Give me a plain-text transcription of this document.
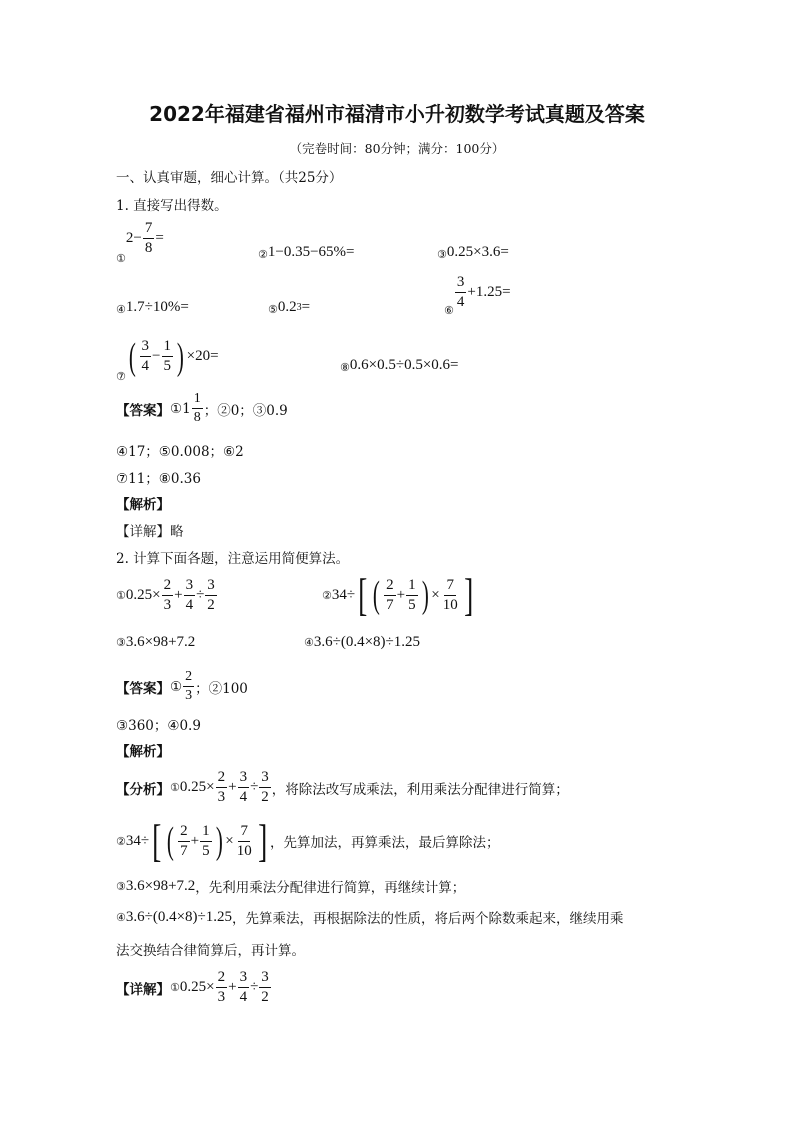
2022年福建省福州市福清市小升初数学考试真题及答案
（完卷时间：80分钟；满分：100分）
一、认真审题，细心计算。（共25分）
1. 直接写出得数。
①
$2- \frac{7}{8}$ =
② 1−0.35−65%=	③ 0.25×3.6=
④ 1.7÷10%=	⑤ 0.2 3 =	⑥
$\frac{3}{4} +1.25=$
⑦ ( $\frac{3}{4} - \frac{1}{5}$ ) ×20=
⑧ 0.6×0.5÷0.5×0.6=
【答案】 ①1 $\frac{1}{8}$ ；②0；③0.9
④17；⑤0.008；⑥2
⑦11；⑧0.36
【解析】
【详解】略
2. 计算下面各题，注意运用简便算法。
① $0.25\times \frac{2}{3} + \frac{3}{4} \div \frac{3}{2}$	② 34÷ [ ( $\frac{2}{7} + \frac{1}{5}$ ) × $\frac{7}{10}$ ]
③ 3.6×98+7.2	④ 3.6÷(0.4×8)÷1.25
【答案】 ① $\frac{2}{3}$ ；②100
③360；④0.9
【解析】
【分析】 ① $0.25\times \frac{2}{3} + \frac{3}{4} \div \frac{3}{2}$ ，将除法改写成乘法，利用乘法分配律进行简算；
② 34÷ [ ( $\frac{2}{7} + \frac{1}{5}$ ) × $\frac{7}{10}$ ] ，先算加法，再算乘法，最后算除法；
③ 3.6×98+7.2 ，先利用乘法分配律进行简算，再继续计算；
④ 3.6÷(0.4×8)÷1.25 ，先算乘法，再根据除法的性质，将后两个除数乘起来，继续用乘
法交换结合律简算后，再计算。
【详解】 ① $0.25\times \frac{2}{3} + \frac{3}{4} \div \frac{3}{2}$
